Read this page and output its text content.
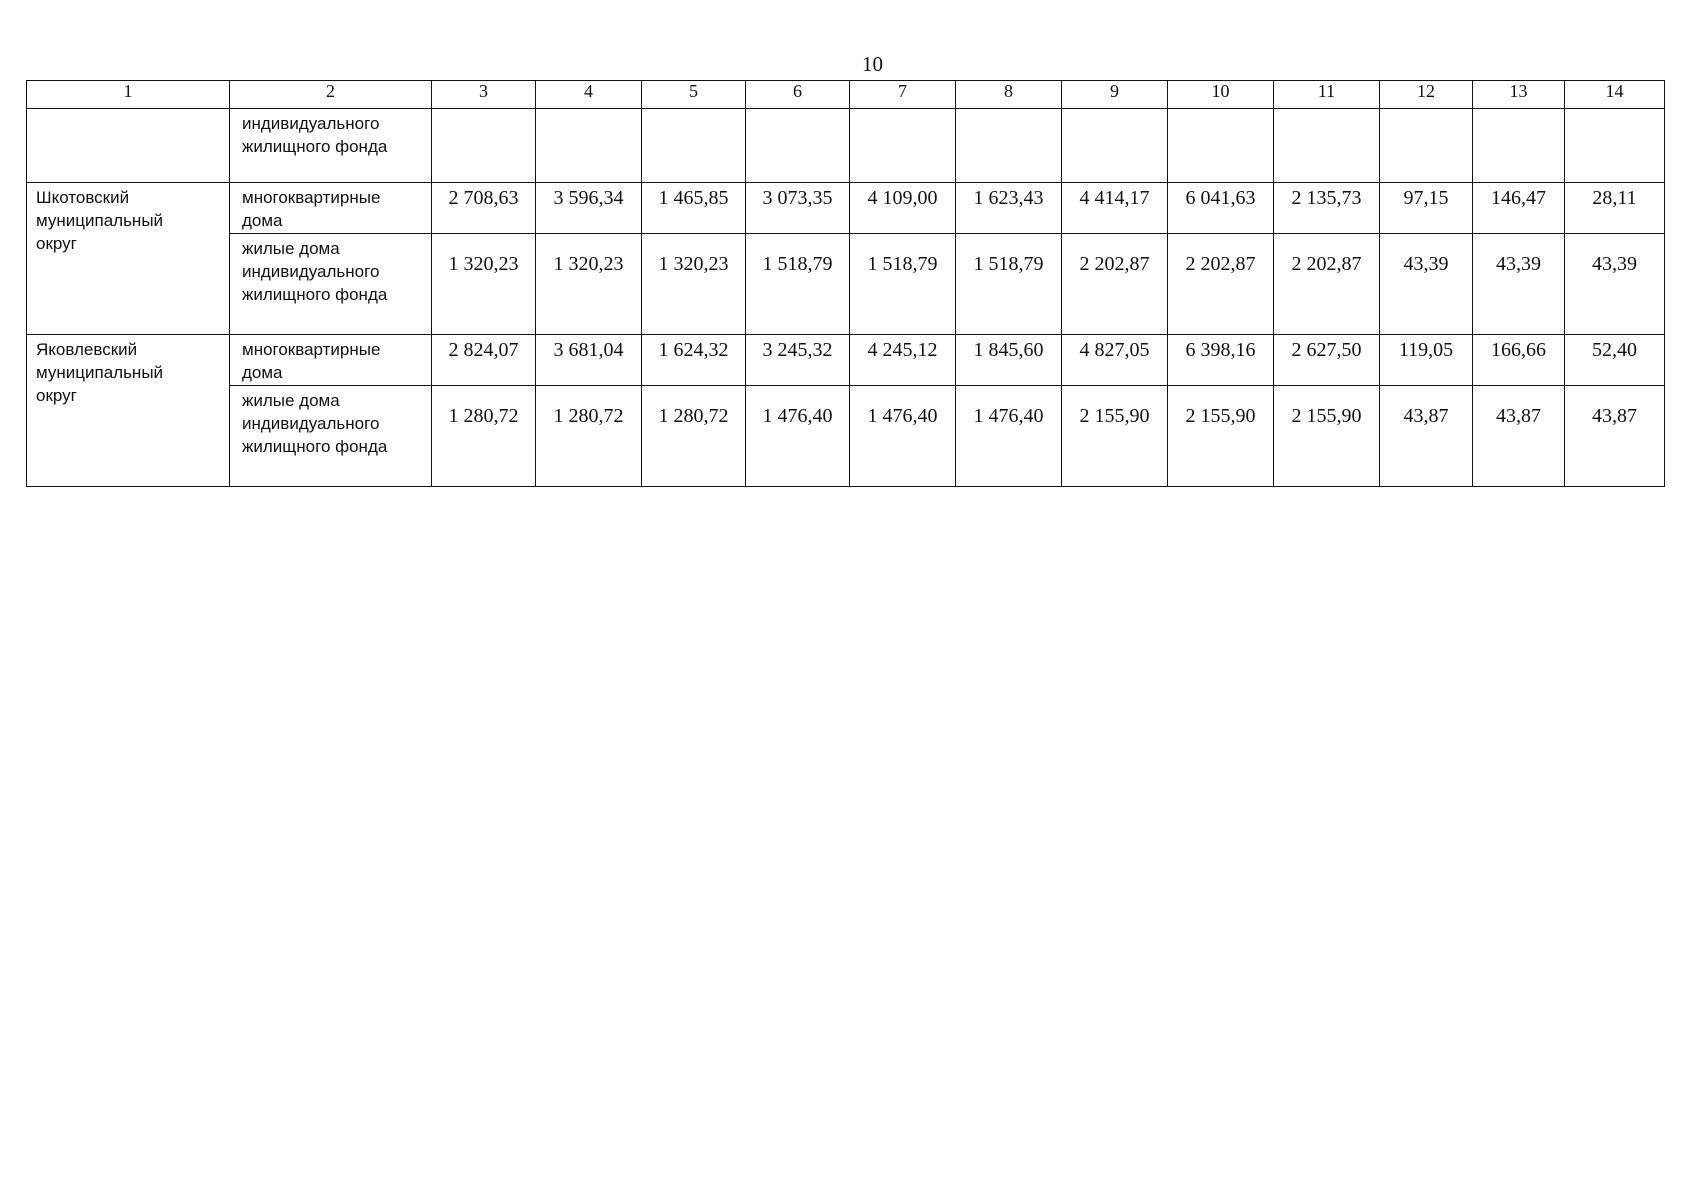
10
1	2	3	4	5	6	7	8	9	10	11	12	13	14
	индивидуального
жилищного фонда												
Шкотовский
муниципальный
округ	многоквартирные
дома	2 708,63	3 596,34	1 465,85	3 073,35	4 109,00	1 623,43	4 414,17	6 041,63	2 135,73	97,15	146,47	28,11
	жилые дома
индивидуального
жилищного фонда	1 320,23	1 320,23	1 320,23	1 518,79	1 518,79	1 518,79	2 202,87	2 202,87	2 202,87	43,39	43,39	43,39
Яковлевский
муниципальный
округ	многоквартирные
дома	2 824,07	3 681,04	1 624,32	3 245,32	4 245,12	1 845,60	4 827,05	6 398,16	2 627,50	119,05	166,66	52,40
	жилые дома
индивидуального
жилищного фонда	1 280,72	1 280,72	1 280,72	1 476,40	1 476,40	1 476,40	2 155,90	2 155,90	2 155,90	43,87	43,87	43,87
